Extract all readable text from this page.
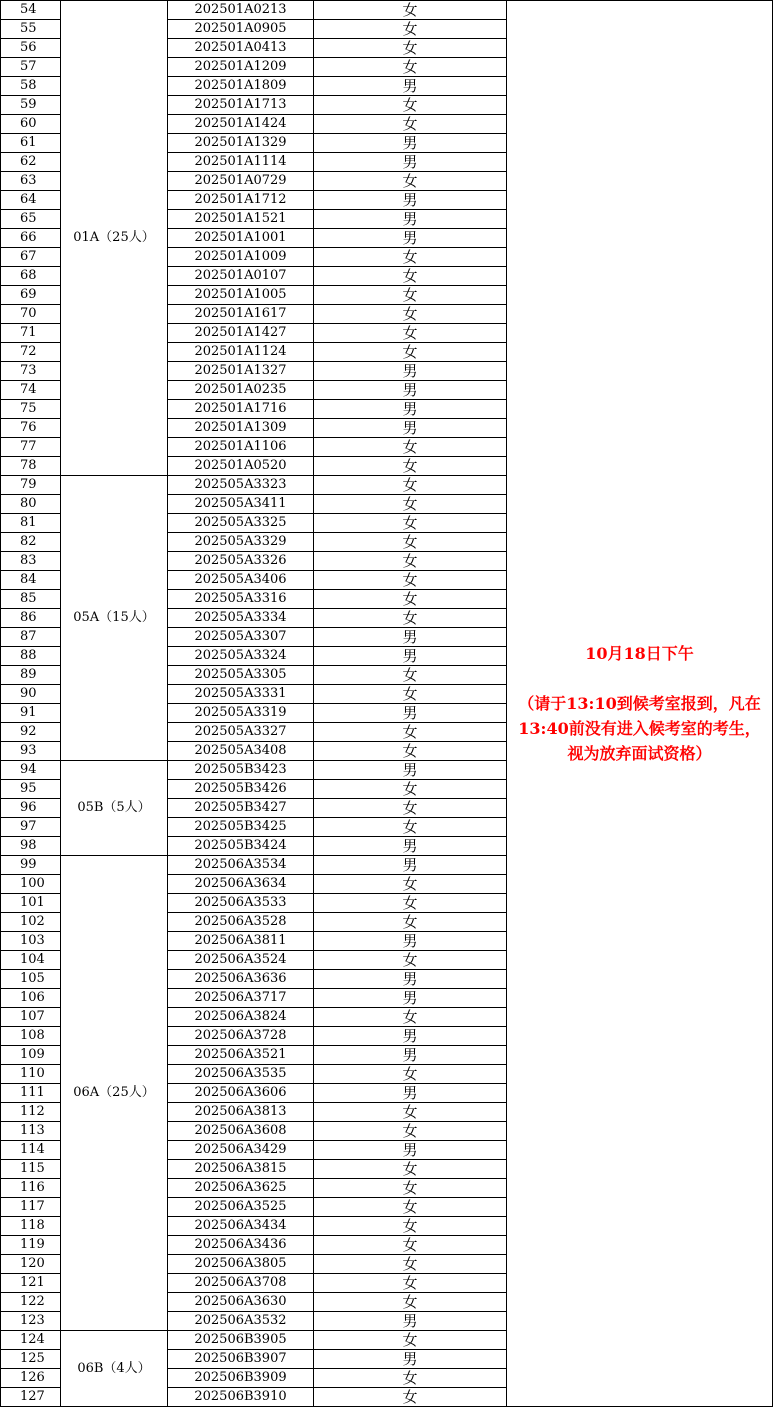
54	01A（25人）	202501A0213	女	10月18日下午
（请于13:10到候考室报到，凡在13:40前没有进入候考室的考生，视为放弃面试资格）

55		202501A0905	女	
56		202501A0413	女	
57		202501A1209	女	
58		202501A1809	男	
59		202501A1713	女	
60		202501A1424	女	
61		202501A1329	男	
62		202501A1114	男	
63		202501A0729	女	
64		202501A1712	男	
65		202501A1521	男	
66		202501A1001	男	
67		202501A1009	女	
68		202501A0107	女	
69		202501A1005	女	
70		202501A1617	女	
71		202501A1427	女	
72		202501A1124	女	
73		202501A1327	男	
74		202501A0235	男	
75		202501A1716	男	
76		202501A1309	男	
77		202501A1106	女	
78		202501A0520	女	
79	05A（15人）	202505A3323	女	
80		202505A3411	女	
81		202505A3325	女	
82		202505A3329	女	
83		202505A3326	女	
84		202505A3406	女	
85		202505A3316	女	
86		202505A3334	女	
87		202505A3307	男	
88		202505A3324	男	
89		202505A3305	女	
90		202505A3331	女	
91		202505A3319	男	
92		202505A3327	女	
93		202505A3408	女	
94	05B（5人）	202505B3423	男	
95		202505B3426	女	
96		202505B3427	女	
97		202505B3425	女	
98		202505B3424	男	
99	06A（25人）	202506A3534	男	
100		202506A3634	女	
101		202506A3533	女	
102		202506A3528	女	
103		202506A3811	男	
104		202506A3524	女	
105		202506A3636	男	
106		202506A3717	男	
107		202506A3824	女	
108		202506A3728	男	
109		202506A3521	男	
110		202506A3535	女	
111		202506A3606	男	
112		202506A3813	女	
113		202506A3608	女	
114		202506A3429	男	
115		202506A3815	女	
116		202506A3625	女	
117		202506A3525	女	
118		202506A3434	女	
119		202506A3436	女	
120		202506A3805	女	
121		202506A3708	女	
122		202506A3630	女	
123		202506A3532	男	
124	06B（4人）	202506B3905	女	
125		202506B3907	男	
126		202506B3909	女	
127		202506B3910	女	
